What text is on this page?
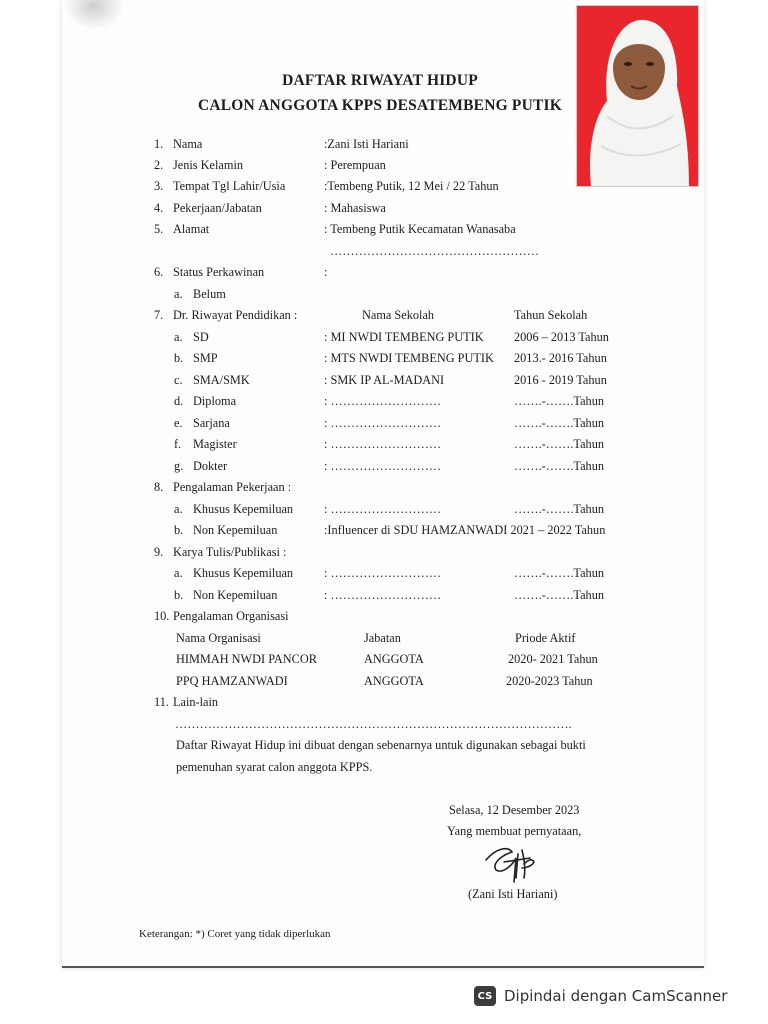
DAFTAR RIWAYAT HIDUP
CALON ANGGOTA KPPS DESATEMBENG PUTIK
1. Nama	:Zani Isti Hariani
2. Jenis Kelamin	: Perempuan
3. Tempat Tgl Lahir/Usia	:Tembeng Putik, 12 Mei / 22 Tahun
4. Pekerjaan/Jabatan	: Mahasiswa
5. Alamat	: Tembeng Putik Kecamatan Wanasaba
……………………………………………
6. Status Perkawinan	:
a. Belum
7. Dr. Riwayat Pendidikan :	Nama Sekolah	Tahun Sekolah
a. SD	: MI NWDI TEMBENG PUTIK 2006 – 2013 Tahun
b. SMP	: MTS NWDI TEMBENG PUTIK 2013.- 2016 Tahun
c. SMA/SMK	: SMK IP AL-MADANI	2016 - 2019 Tahun
d. Diploma	: ………………………	…….-…….Tahun
e. Sarjana	: ………………………	…….-…….Tahun
f. Magister	: ………………………	…….-…….Tahun
g. Dokter	: ………………………	…….-…….Tahun
8. Pengalaman Pekerjaan :
a. Khusus Kepemiluan	: ………………………	…….-…….Tahun
b. Non Kepemiluan	:Influencer di SDU HAMZANWADI 2021 – 2022 Tahun
9. Karya Tulis/Publikasi :
a. Khusus Kepemiluan	: ………………………	…….-…….Tahun
b. Non Kepemiluan	: ………………………	…….-…….Tahun
10. Pengalaman Organisasi
Nama Organisasi	Jabatan	Priode Aktif
HIMMAH NWDI PANCOR	ANGGOTA	2020- 2021 Tahun
PPQ HAMZANWADI	ANGGOTA	2020-2023 Tahun
11. Lain-lain
…………………………………………………………………………………….
Daftar Riwayat Hidup ini dibuat dengan sebenarnya untuk digunakan sebagai bukti
pemenuhan syarat calon anggota KPPS.
Selasa, 12 Desember 2023
Yang membuat pernyataan,
(Zani Isti Hariani)
Keterangan: *) Coret yang tidak diperlukan
CS Dipindai dengan CamScanner
